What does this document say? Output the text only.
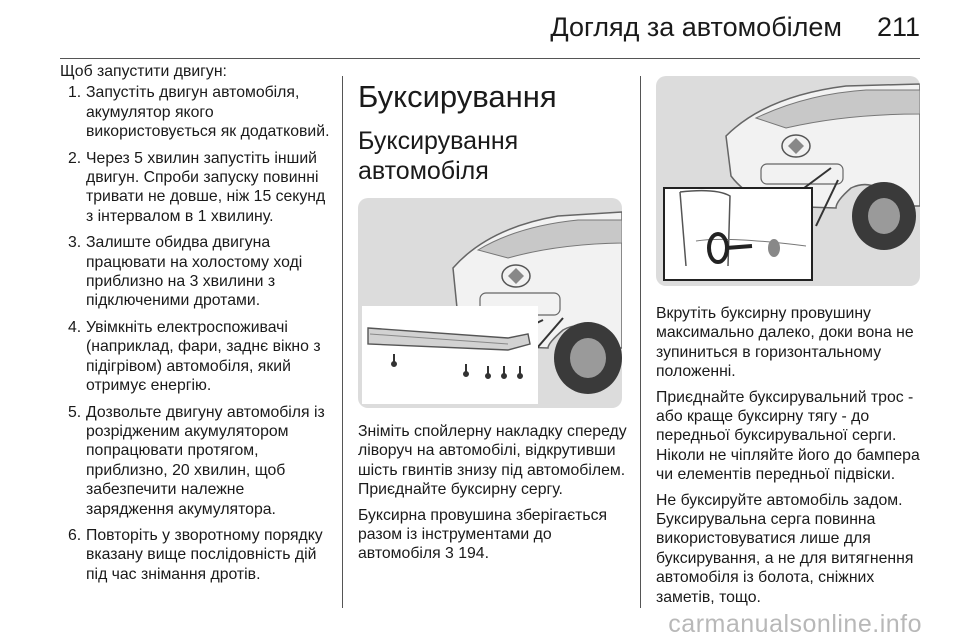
Догляд за автомобілем 211

Щоб запустити двигун:

1. Запустіть двигун автомобіля, акумулятор якого використовується як додатковий.
2. Через 5 хвилин запустіть інший двигун. Спроби запуску повинні тривати не довше, ніж 15 секунд з інтервалом в 1 хвилину.
3. Залиште обидва двигуна працювати на холостому ході приблизно на 3 хвилини з підключеними дротами.
4. Увімкніть електроспоживачі (наприклад, фари, заднє вікно з підігрівом) автомобіля, який отримує енергію.
5. Дозвольте двигуну автомобіля із розрідженим акумулятором попрацювати протягом, приблизно, 20 хвилин, щоб забезпечити належне зарядження акумулятора.
6. Повторіть у зворотному порядку вказану вище послідовність дій під час знімання дротів.
Буксирування
Буксирування автомобіля

Зніміть спойлерну накладку спереду ліворуч на автомобілі, відкрутивши шість гвинтів знизу під автомобілем. Приєднайте буксирну сергу.

Буксирна провушина зберігається разом із інструментами до автомобіля 3 194.

Вкрутіть буксирну провушину максимально далеко, доки вона не зупиниться в горизонтальному положенні.

Приєднайте буксирувальний трос - або краще буксирну тягу - до передньої буксирувальної серги. Ніколи не чіпляйте його до бампера чи елементів передньої підвіски.

Не буксируйте автомобіль задом. Буксирувальна серга повинна використовуватися лише для буксирування, а не для витягнення автомобіля із болота, сніжних заметів, тощо.

carmanualsonline.info
